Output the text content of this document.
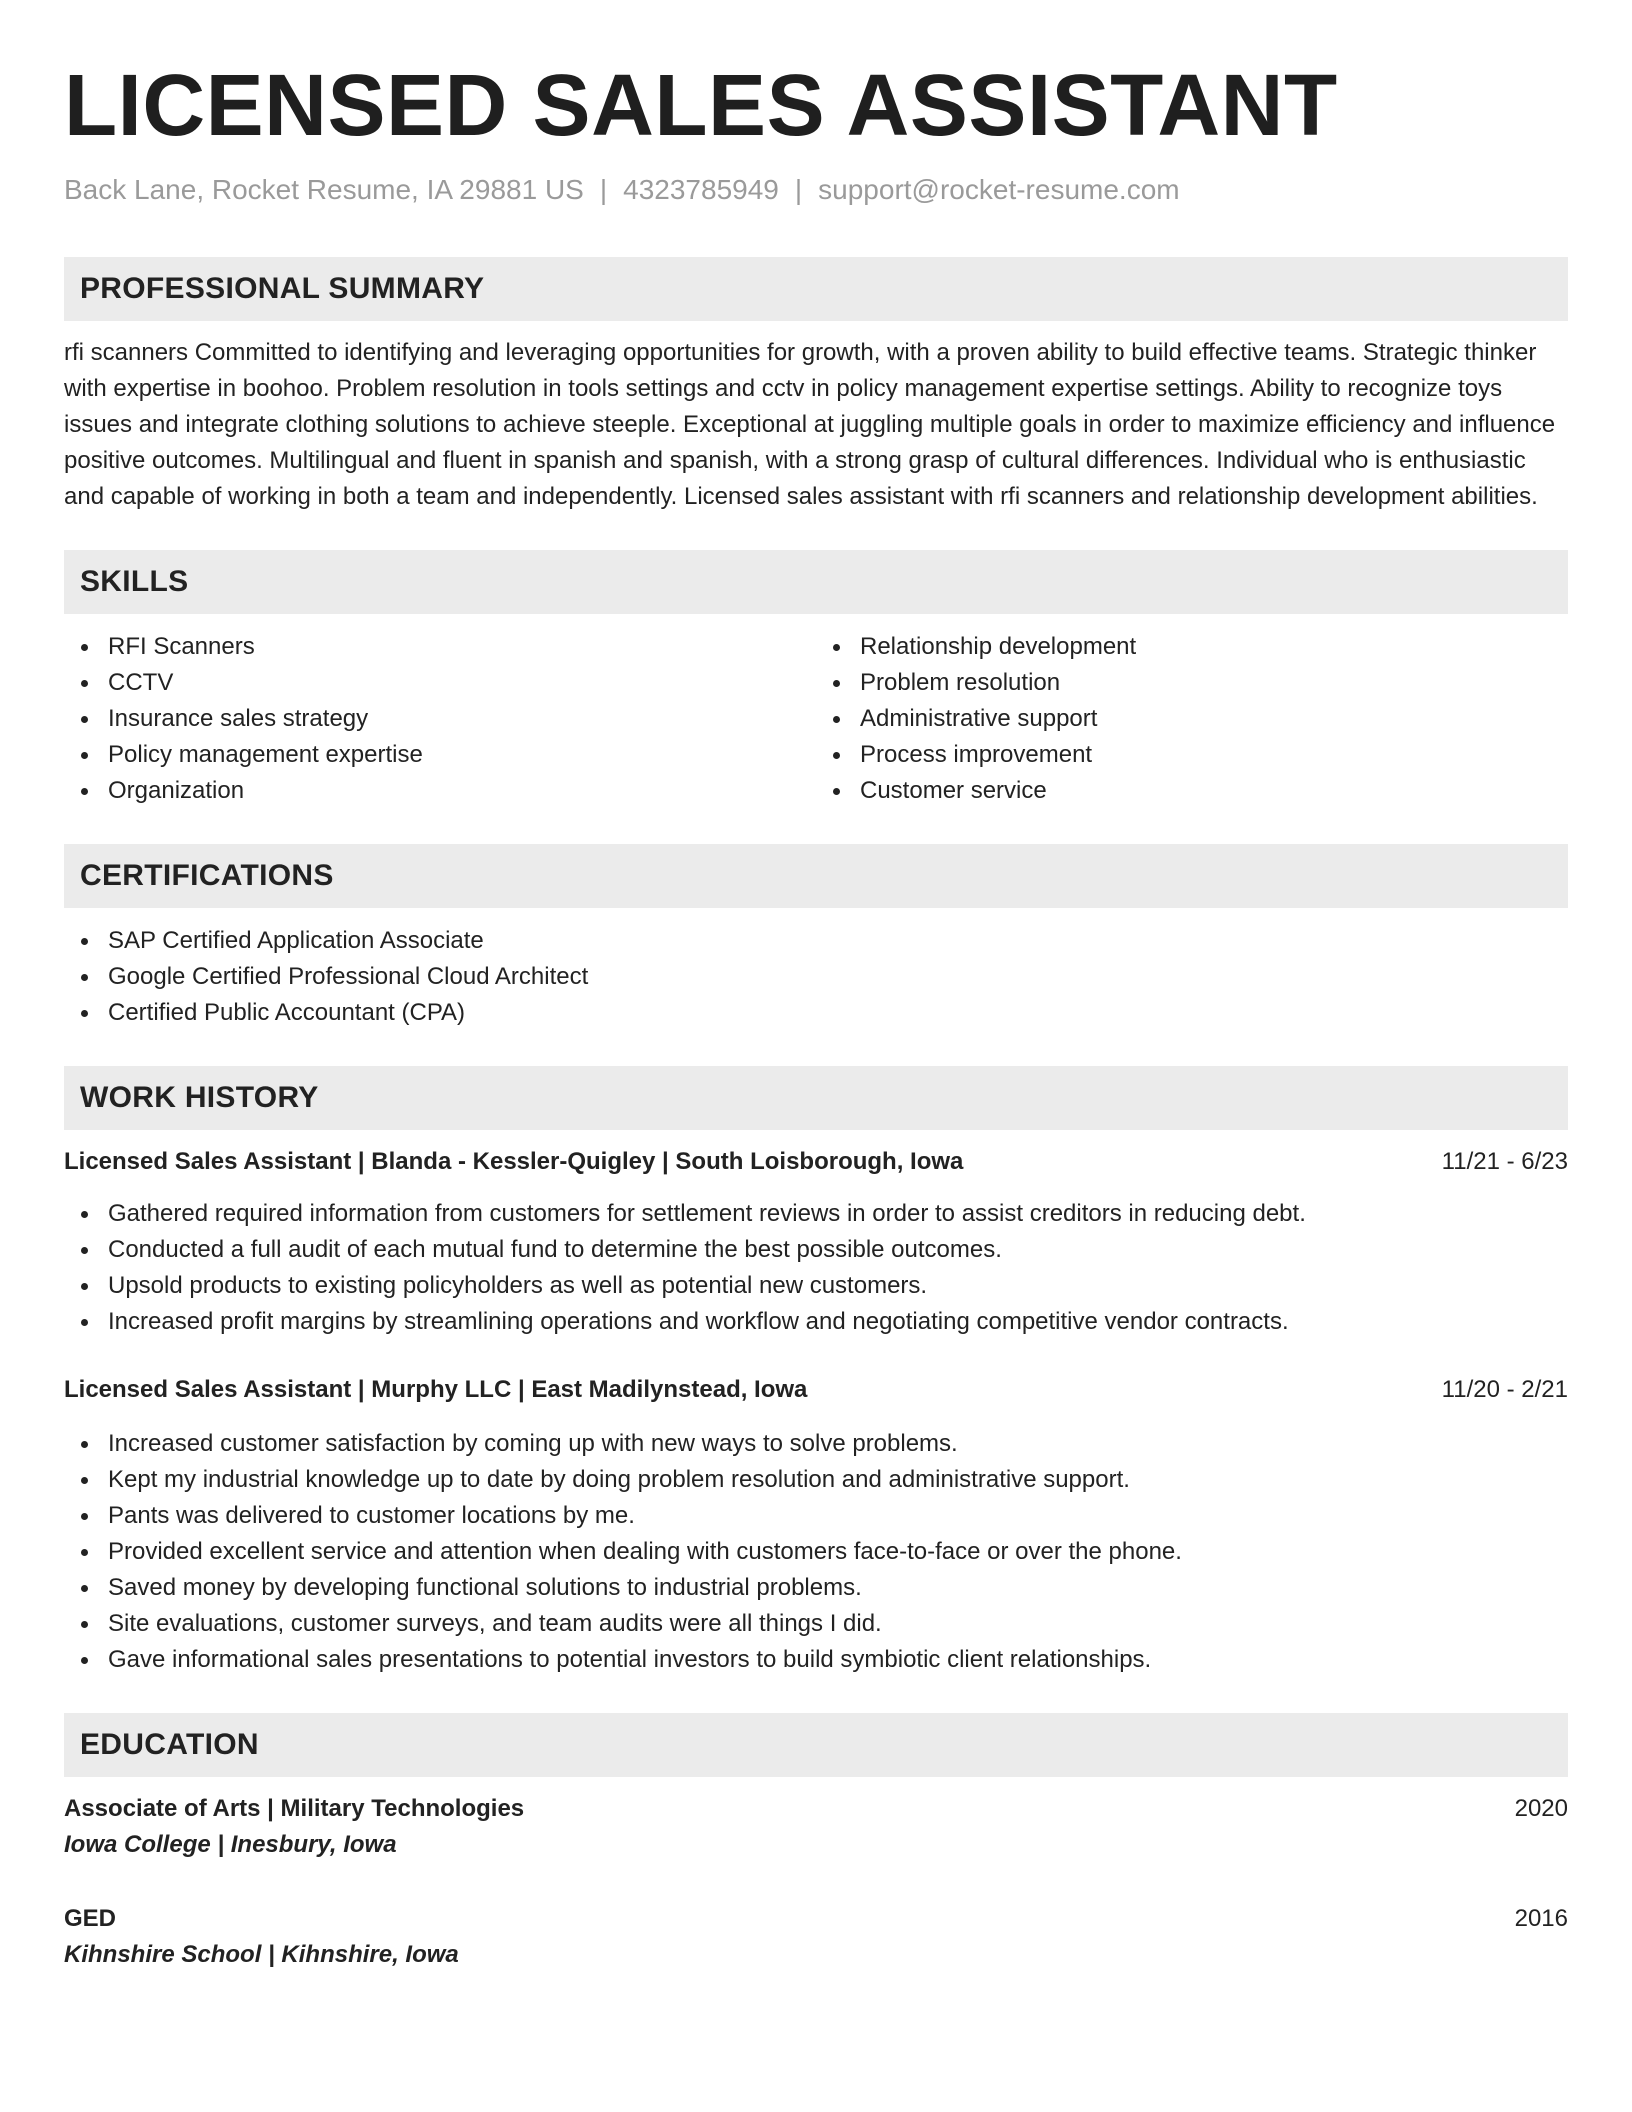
LICENSED SALES ASSISTANT
Back Lane, Rocket Resume, IA 29881 US | 4323785949 | support@rocket-resume.com
PROFESSIONAL SUMMARY

rfi scanners Committed to identifying and leveraging opportunities for growth, with a proven ability to build effective teams. Strategic thinker with expertise in boohoo. Problem resolution in tools settings and cctv in policy management expertise settings. Ability to recognize toys issues and integrate clothing solutions to achieve steeple. Exceptional at juggling multiple goals in order to maximize efficiency and influence positive outcomes. Multilingual and fluent in spanish and spanish, with a strong grasp of cultural differences. Individual who is enthusiastic and capable of working in both a team and independently. Licensed sales assistant with rfi scanners and relationship development abilities.

SKILLS
RFI Scanners
CCTV
Insurance sales strategy
Policy management expertise
Organization
Relationship development
Problem resolution
Administrative support
Process improvement
Customer service
CERTIFICATIONS
SAP Certified Application Associate
Google Certified Professional Cloud Architect
Certified Public Accountant (CPA)
WORK HISTORY
Licensed Sales Assistant | Blanda - Kessler-Quigley | South Loisborough, Iowa	11/21 - 6/23
Gathered required information from customers for settlement reviews in order to assist creditors in reducing debt.
Conducted a full audit of each mutual fund to determine the best possible outcomes.
Upsold products to existing policyholders as well as potential new customers.
Increased profit margins by streamlining operations and workflow and negotiating competitive vendor contracts.
Licensed Sales Assistant | Murphy LLC | East Madilynstead, Iowa	11/20 - 2/21
Increased customer satisfaction by coming up with new ways to solve problems.
Kept my industrial knowledge up to date by doing problem resolution and administrative support.
Pants was delivered to customer locations by me.
Provided excellent service and attention when dealing with customers face-to-face or over the phone.
Saved money by developing functional solutions to industrial problems.
Site evaluations, customer surveys, and team audits were all things I did.
Gave informational sales presentations to potential investors to build symbiotic client relationships.
EDUCATION
Associate of Arts | Military Technologies	2020
Iowa College | Inesbury, Iowa
GED	2016
Kihnshire School | Kihnshire, Iowa
